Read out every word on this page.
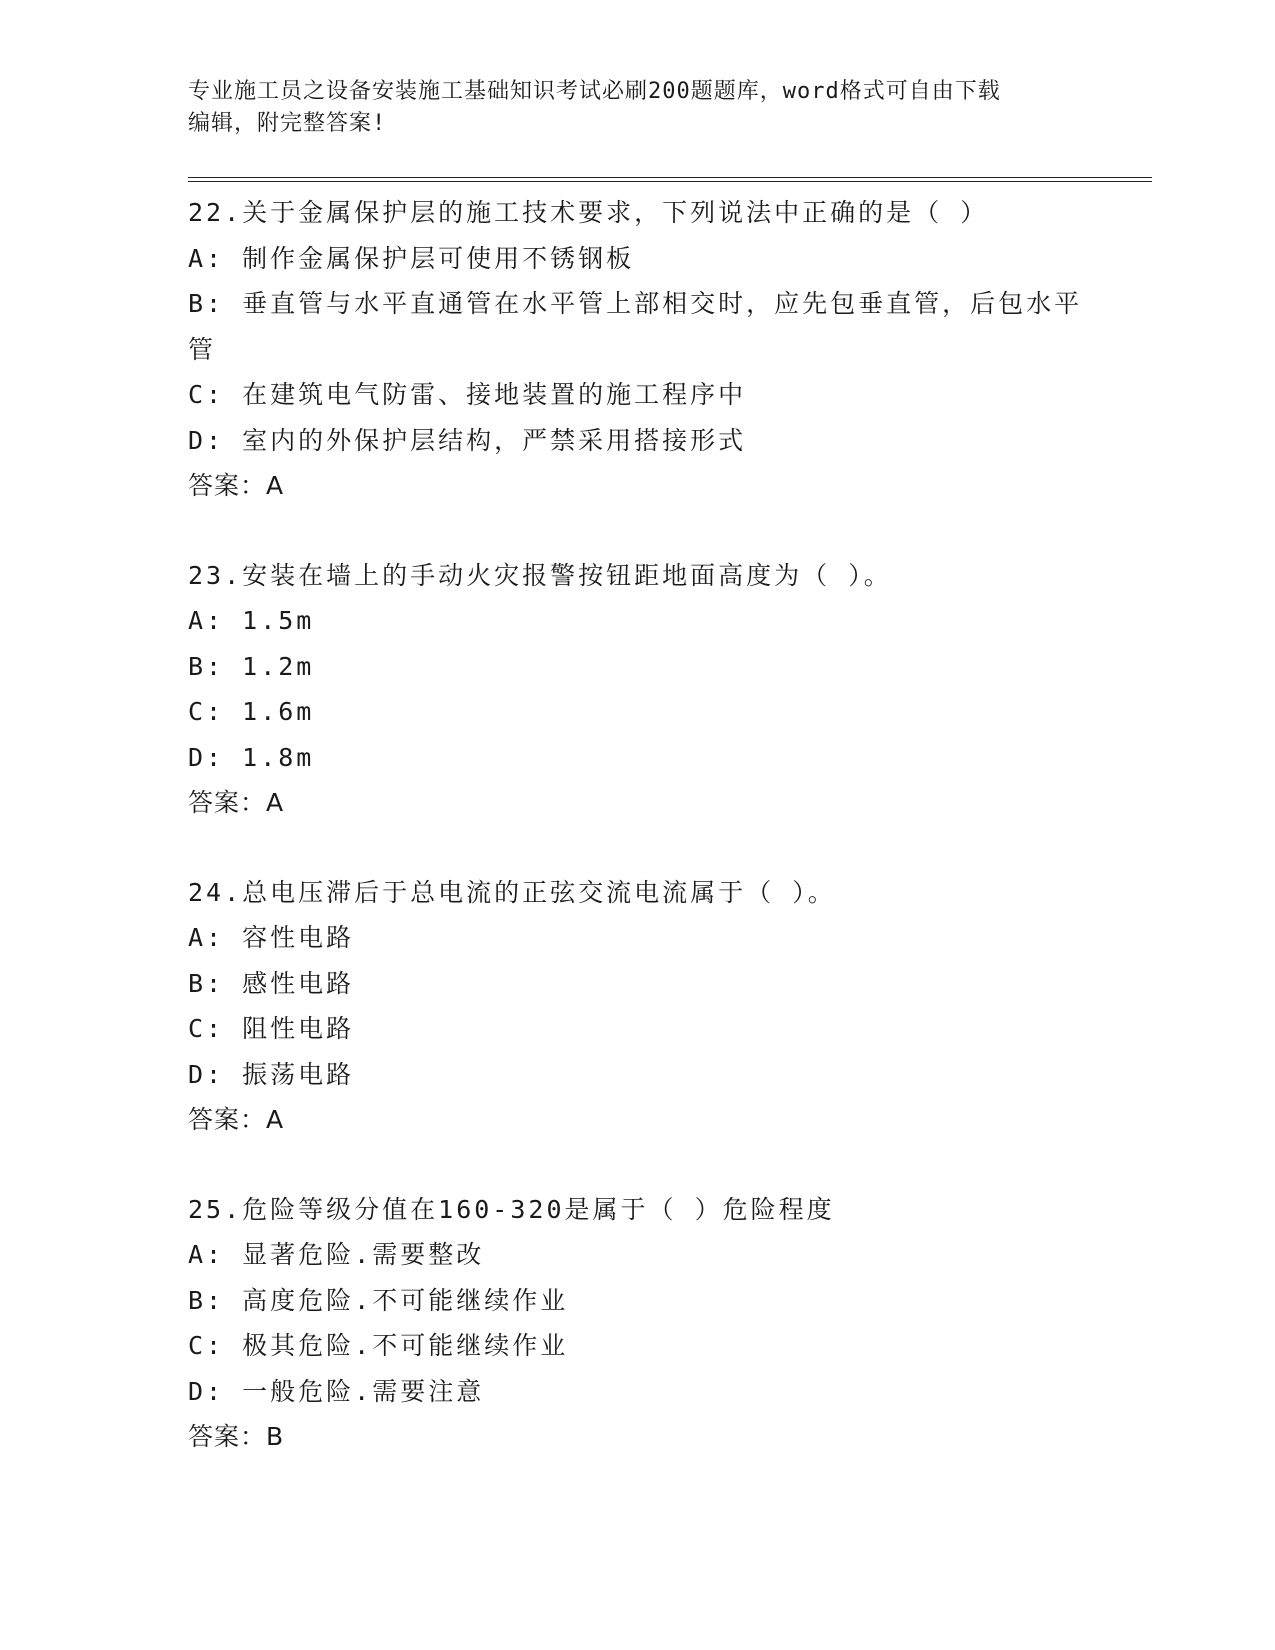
专业施工员之设备安装施工基础知识考试必刷200题题库，word格式可自由下载
编辑，附完整答案!
22.关于金属保护层的施工技术要求，下列说法中正确的是（ ）
A: 制作金属保护层可使用不锈钢板
B: 垂直管与水平直通管在水平管上部相交时，应先包垂直管，后包水平管
C: 在建筑电气防雷、接地装置的施工程序中
D: 室内的外保护层结构，严禁采用搭接形式
答案：A
23.安装在墙上的手动火灾报警按钮距地面高度为（ ）。
A: 1.5m
B: 1.2m
C: 1.6m
D: 1.8m
答案：A
24.总电压滞后于总电流的正弦交流电流属于（ ）。
A: 容性电路
B: 感性电路
C: 阻性电路
D: 振荡电路
答案：A
25.危险等级分值在160-320是属于（ ）危险程度
A: 显著危险.需要整改
B: 高度危险.不可能继续作业
C: 极其危险.不可能继续作业
D: 一般危险.需要注意
答案：B
